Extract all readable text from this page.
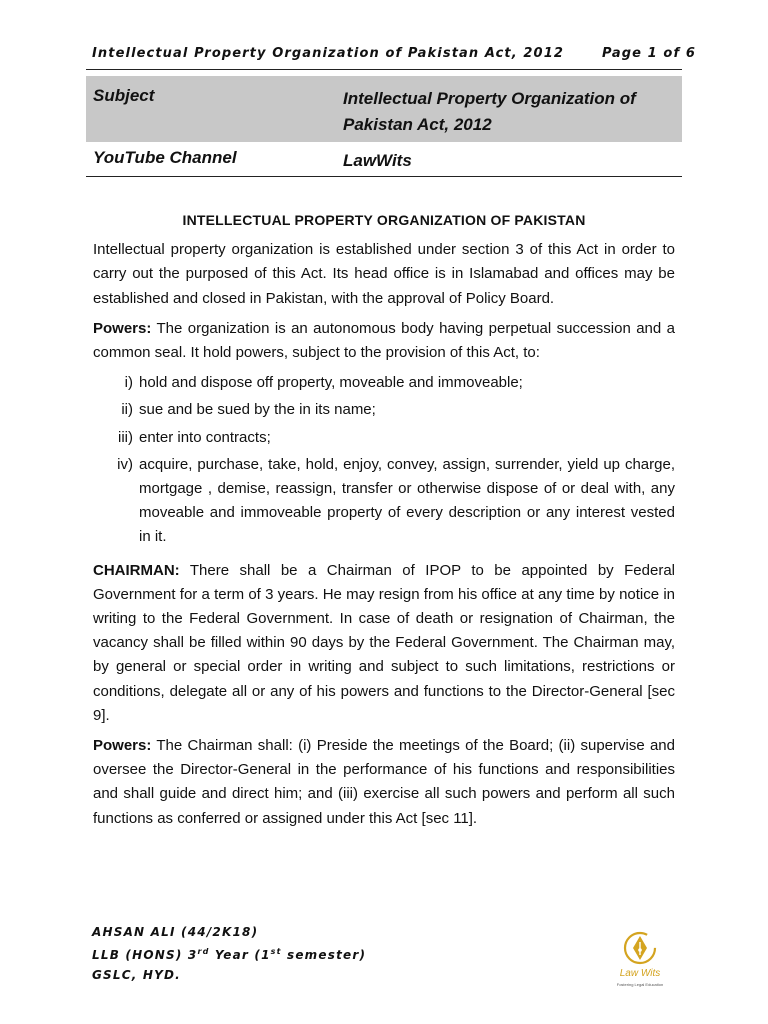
Intellectual Property Organization of Pakistan Act, 2012	Page 1 of 6
Subject	Intellectual Property Organization of Pakistan Act, 2012
YouTube Channel	LawWits
INTELLECTUAL PROPERTY ORGANIZATION OF PAKISTAN

Intellectual property organization is established under section 3 of this Act in order to carry out the purposed of this Act. Its head office is in Islamabad and offices may be established and closed in Pakistan, with the approval of Policy Board.

Powers: The organization is an autonomous body having perpetual succession and a common seal. It hold powers, subject to the provision of this Act, to:

i) hold and dispose off property, moveable and immoveable;
ii) sue and be sued by the in its name;
iii) enter into contracts;
iv) acquire, purchase, take, hold, enjoy, convey, assign, surrender, yield up charge, mortgage , demise, reassign, transfer or otherwise dispose of or deal with, any moveable and immoveable property of every description or any interest vested in it.

CHAIRMAN: There shall be a Chairman of IPOP to be appointed by Federal Government for a term of 3 years. He may resign from his office at any time by notice in writing to the Federal Government. In case of death or resignation of Chairman, the vacancy shall be filled within 90 days by the Federal Government. The Chairman may, by general or special order in writing and subject to such limitations, restrictions or conditions, delegate all or any of his powers and functions to the Director-General [sec 9].

Powers: The Chairman shall: (i) Preside the meetings of the Board; (ii) supervise and oversee the Director-General in the performance of his functions and responsibilities and shall guide and direct him; and (iii) exercise all such powers and perform all such functions as conferred or assigned under this Act [sec 11].

AHSAN ALI (44/2K18)
LLB (HONS) 3rd Year (1st semester)
GSLC, HYD.	Law Wits
Fostering Legal Education
